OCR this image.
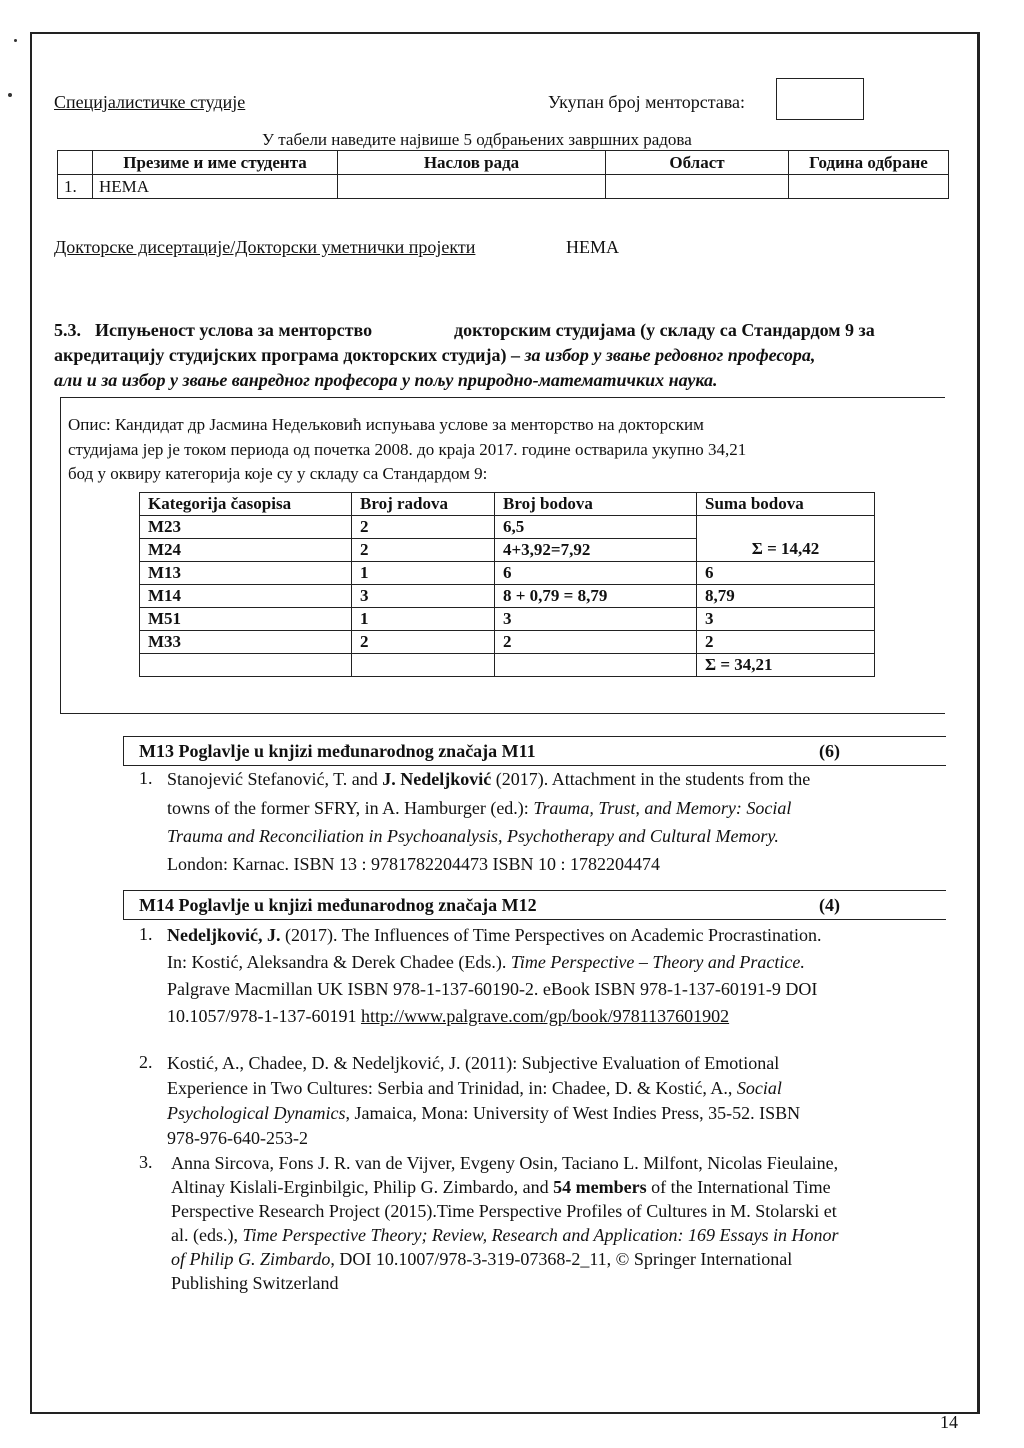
Специјалистичке студије	Укупан број менторстава:
У табели наведите највише 5 одбрањених завршних радова
	Презиме и име студента	Наслов рада	Област	Година одбране
1.	НЕМА			
Докторске дисертације/Докторски уметнички пројекти	НЕМА
5.3. Испуњеност услова за менторство	докторским студијама (у складу са Стандардом 9 за
акредитацију студијских програма докторских студија) – за избор у звање редовног професора,
али и за избор у звање ванредног професора у пољу природно-математичких наука.
Опис: Кандидат др Јасмина Недељковић испуњава услове за менторство на докторским
студијама јер је током периода од почетка 2008. до краја 2017. године остварила укупно 34,21
бод у оквиру категорија које су у складу са Стандардом 9:
Kategorija časopisa	Broj radova	Broj bodova	Suma bodova
M23	2	6,5	Σ = 14,42
M24	2	4+3,92=7,92	
M13	1	6	6
M14	3	8 + 0,79 = 8,79	8,79
M51	1	3	3
M33	2	2	2
			Σ = 34,21
M13 Poglavlje u knjizi međunarodnog značaja M11	(6)
1. Stanojević Stefanović, T. and J. Nedeljković (2017). Attachment in the students from the
towns of the former SFRY, in A. Hamburger (ed.): Trauma, Trust, and Memory: Social
Trauma and Reconciliation in Psychoanalysis, Psychotherapy and Cultural Memory.
London: Karnac. ISBN 13 : 9781782204473 ISBN 10 : 1782204474
M14 Poglavlje u knjizi međunarodnog značaja M12	(4)
1. Nedeljković, J. (2017). The Influences of Time Perspectives on Academic Procrastination.
In: Kostić, Aleksandra & Derek Chadee (Eds.). Time Perspective – Theory and Practice.
Palgrave Macmillan UK ISBN 978-1-137-60190-2. eBook ISBN 978-1-137-60191-9 DOI
10.1057/978-1-137-60191 http://www.palgrave.com/gp/book/9781137601902
2. Kostić, A., Chadee, D. & Nedeljković, J. (2011): Subjective Evaluation of Emotional
Experience in Two Cultures: Serbia and Trinidad, in: Chadee, D. & Kostić, A., Social
Psychological Dynamics, Jamaica, Mona: University of West Indies Press, 35-52. ISBN
978-976-640-253-2
3. Anna Sircova, Fons J. R. van de Vijver, Evgeny Osin, Taciano L. Milfont, Nicolas Fieulaine,
Altinay Kislali-Erginbilgic, Philip G. Zimbardo, and 54 members of the International Time
Perspective Research Project (2015).Time Perspective Profiles of Cultures in M. Stolarski et
al. (eds.), Time Perspective Theory; Review, Research and Application: 169 Essays in Honor
of Philip G. Zimbardo, DOI 10.1007/978-3-319-07368-2_11, © Springer International
Publishing Switzerland
14
